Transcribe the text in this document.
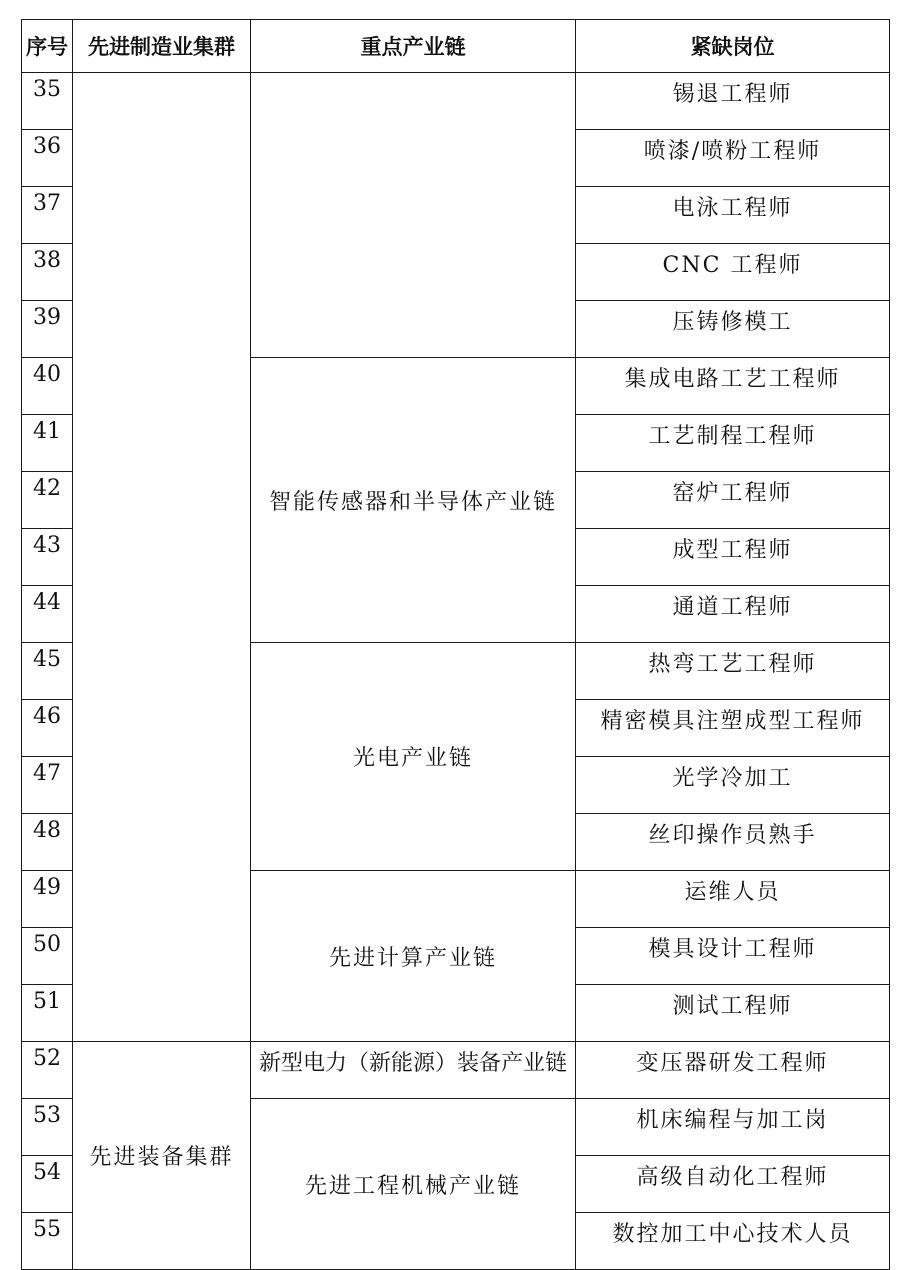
序号	先进制造业集群	重点产业链	紧缺岗位
35			锡退工程师
36			喷漆/喷粉工程师
37			电泳工程师
38			CNC 工程师
39			压铸修模工
40		智能传感器和半导体产业链	集成电路工艺工程师
41			工艺制程工程师
42			窑炉工程师
43			成型工程师
44			通道工程师
45		光电产业链	热弯工艺工程师
46			精密模具注塑成型工程师
47			光学冷加工
48			丝印操作员熟手
49		先进计算产业链	运维人员
50			模具设计工程师
51			测试工程师
52	先进装备集群	新型电力（新能源）装备产业链	变压器研发工程师
53		先进工程机械产业链	机床编程与加工岗
54			高级自动化工程师
55			数控加工中心技术人员
